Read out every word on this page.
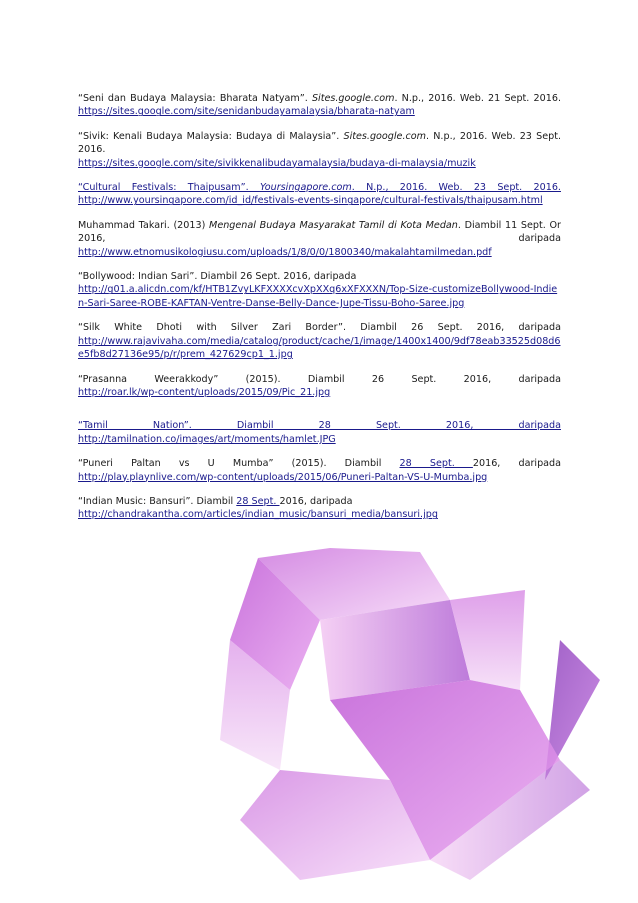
“Seni dan Budaya Malaysia: Bharata Natyam”. Sites.google.com. N.p., 2016. Web. 21 Sept. 2016.
https://sites.google.com/site/senidanbudayamalaysia/bharata-natyam
“Sivik: Kenali Budaya Malaysia: Budaya di Malaysia”. Sites.google.com. N.p., 2016. Web. 23 Sept. 2016.
https://sites.google.com/site/sivikkenalibudayamalaysia/budaya-di-malaysia/muzik
“Cultural Festivals: Thaipusam”. Yoursingapore.com. N.p., 2016. Web. 23 Sept. 2016.
http://www.yoursingapore.com/id_id/festivals-events-singapore/cultural-festivals/thaipusam.html
Muhammad Takari. (2013) Mengenal Budaya Masyarakat Tamil di Kota Medan. Diambil 11 Sept. Or 2016, daripada
http://www.etnomusikologiusu.com/uploads/1/8/0/0/1800340/makalahtamilmedan.pdf
“Bollywood: Indian Sari”. Diambil 26 Sept. 2016, daripada
http://g01.a.alicdn.com/kf/HTB1ZvyLKFXXXXcvXpXXq6xXFXXXN/Top-Size-customizeBollywood-Indien-Sari-Saree-ROBE-KAFTAN-Ventre-Danse-Belly-Dance-Jupe-Tissu-Boho-Saree.jpg
“Silk White Dhoti with Silver Zari Border”. Diambil 26 Sept. 2016, daripada
http://www.rajavivaha.com/media/catalog/product/cache/1/image/1400x1400/9df78eab33525d08d6e5fb8d27136e95/p/r/prem_427629cp1_1.jpg
“Prasanna Weerakkody” (2015). Diambil 26 Sept. 2016, daripada
http://roar.lk/wp-content/uploads/2015/09/Pic_21.jpg
“Tamil Nation”. Diambil 28 Sept. 2016, daripada
http://tamilnation.co/images/art/moments/hamlet.JPG
“Puneri Paltan vs U Mumba” (2015). Diambil 28 Sept. 2016, daripada
http://play.playnlive.com/wp-content/uploads/2015/06/Puneri-Paltan-VS-U-Mumba.jpg
“Indian Music: Bansuri”. Diambil 28 Sept. 2016, daripada
http://chandrakantha.com/articles/indian_music/bansuri_media/bansuri.jpg
